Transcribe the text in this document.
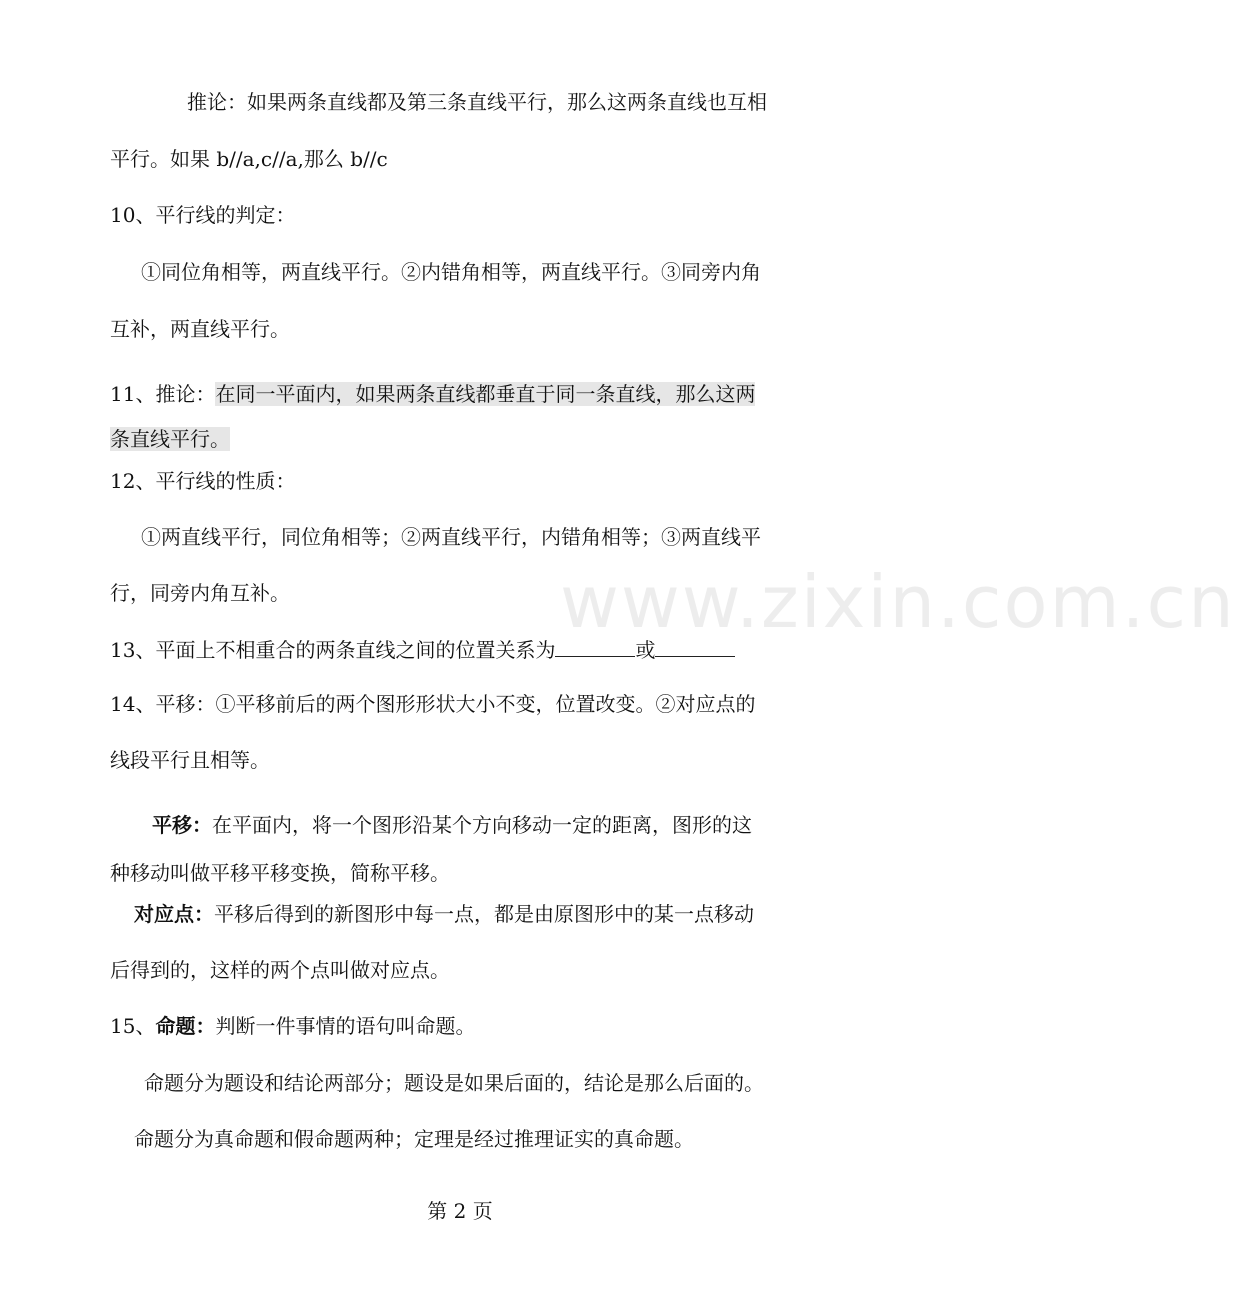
推论：如果两条直线都及第三条直线平行，那么这两条直线也互相
平行。如果 b//a,c//a,那么 b//c
10、平行线的判定：
①同位角相等，两直线平行。②内错角相等，两直线平行。③同旁内角
互补，两直线平行。
11、推论：在同一平面内，如果两条直线都垂直于同一条直线，那么这两
条直线平行。
12、平行线的性质：
①两直线平行，同位角相等；②两直线平行，内错角相等；③两直线平
行，同旁内角互补。
13、平面上不相重合的两条直线之间的位置关系为	或
14、平移：①平移前后的两个图形形状大小不变，位置改变。②对应点的
线段平行且相等。
平移：在平面内，将一个图形沿某个方向移动一定的距离，图形的这
种移动叫做平移平移变换，简称平移。
对应点：平移后得到的新图形中每一点，都是由原图形中的某一点移动
后得到的，这样的两个点叫做对应点。
15、命题：判断一件事情的语句叫命题。
命题分为题设和结论两部分；题设是如果后面的，结论是那么后面的。
命题分为真命题和假命题两种；定理是经过推理证实的真命题。
www.zixin.com.cn
第 2 页
